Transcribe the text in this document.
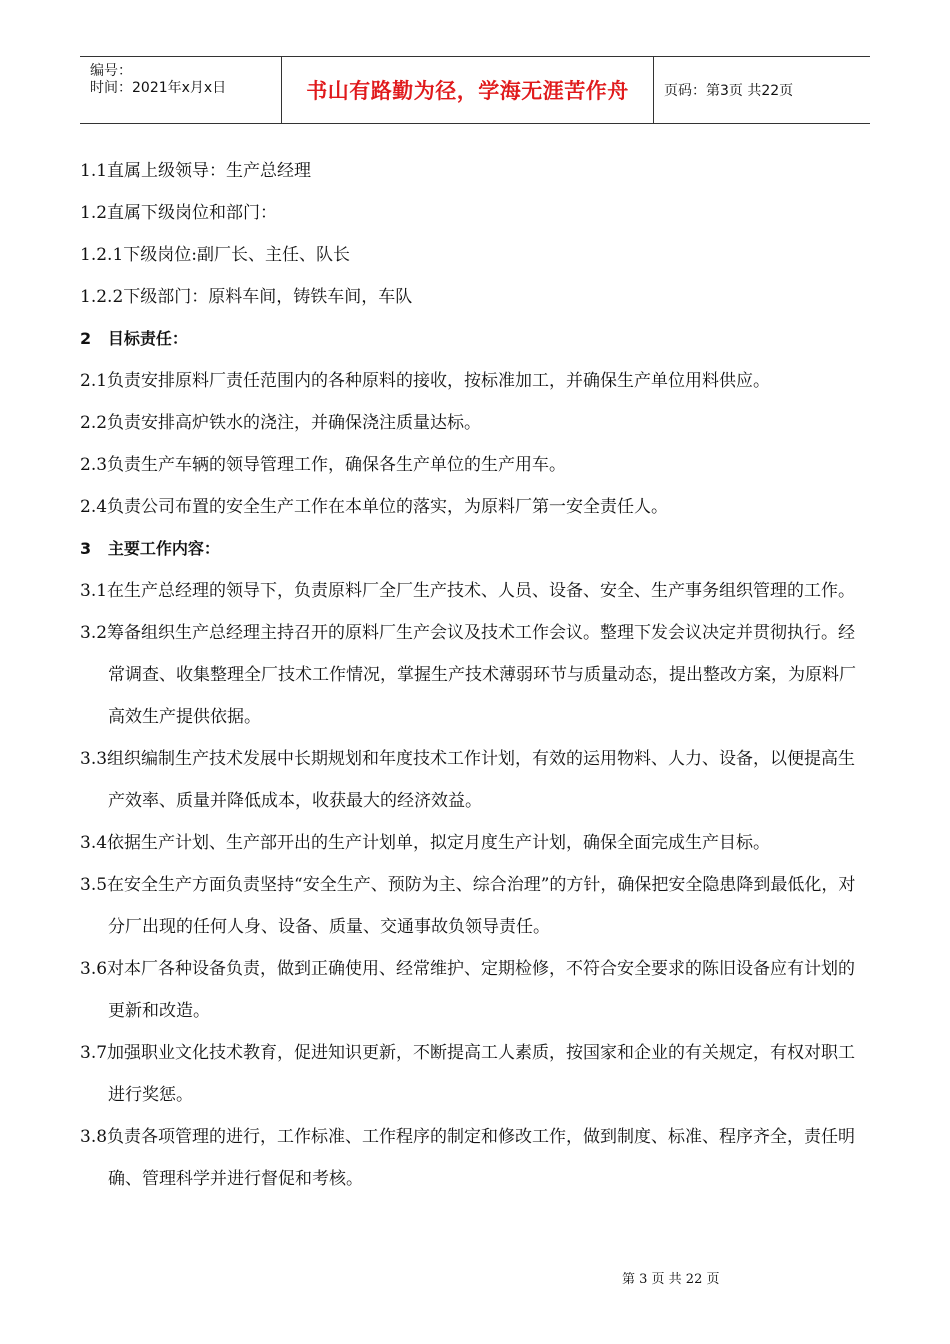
编号：
时间：2021年x月x日	书山有路勤为径，学海无涯苦作舟	页码：第3页 共22页
1.1直属上级领导：生产总经理
1.2直属下级岗位和部门：
1.2.1下级岗位:副厂长、主任、队长
1.2.2下级部门：原料车间，铸铁车间，车队
2   目标责任：
2.1负责安排原料厂责任范围内的各种原料的接收，按标准加工，并确保生产单位用料供应。
2.2负责安排高炉铁水的浇注，并确保浇注质量达标。
2.3负责生产车辆的领导管理工作，确保各生产单位的生产用车。
2.4负责公司布置的安全生产工作在本单位的落实，为原料厂第一安全责任人。
3   主要工作内容：
3.1在生产总经理的领导下，负责原料厂全厂生产技术、人员、设备、安全、生产事务组织管理的工作。
3.2筹备组织生产总经理主持召开的原料厂生产会议及技术工作会议。整理下发会议决定并贯彻执行。经常调查、收集整理全厂技术工作情况，掌握生产技术薄弱环节与质量动态，提出整改方案，为原料厂高效生产提供依据。
3.3组织编制生产技术发展中长期规划和年度技术工作计划，有效的运用物料、人力、设备，以便提高生产效率、质量并降低成本，收获最大的经济效益。
3.4依据生产计划、生产部开出的生产计划单，拟定月度生产计划，确保全面完成生产目标。
3.5在安全生产方面负责坚持“安全生产、预防为主、综合治理”的方针，确保把安全隐患降到最低化，对分厂出现的任何人身、设备、质量、交通事故负领导责任。
3.6对本厂各种设备负责，做到正确使用、经常维护、定期检修，不符合安全要求的陈旧设备应有计划的更新和改造。
3.7加强职业文化技术教育，促进知识更新，不断提高工人素质，按国家和企业的有关规定，有权对职工进行奖惩。
3.8负责各项管理的进行，工作标准、工作程序的制定和修改工作，做到制度、标准、程序齐全，责任明确、管理科学并进行督促和考核。
第 3 页 共 22 页
